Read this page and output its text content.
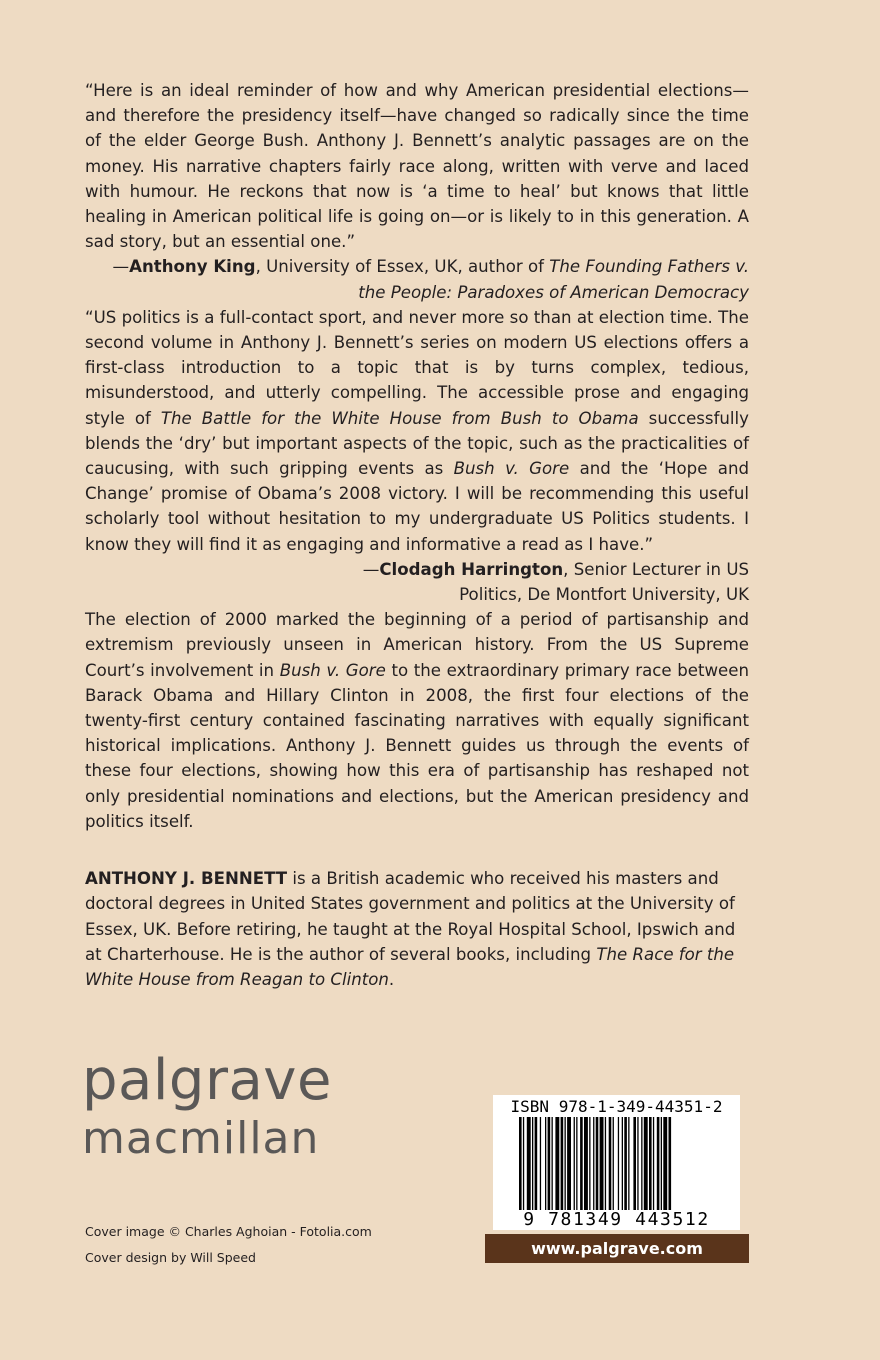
“Here is an ideal reminder of how and why American presidential elections—and therefore the presidency itself—have changed so radically since the time of the elder George Bush. Anthony J. Bennett’s analytic passages are on the money. His narrative chapters fairly race along, written with verve and laced with humour. He reckons that now is ‘a time to heal’ but knows that little healing in American political life is going on—or is likely to in this generation. A sad story, but an essential one.”

—Anthony King, University of Essex, UK, author of The Founding Fathers v. the People: Paradoxes of American Democracy

“US politics is a full-contact sport, and never more so than at election time. The second volume in Anthony J. Bennett’s series on modern US elections offers a first-class introduction to a topic that is by turns complex, tedious, misunderstood, and utterly compelling. The accessible prose and engaging style of The Battle for the White House from Bush to Obama successfully blends the ‘dry’ but important aspects of the topic, such as the practicalities of caucusing, with such gripping events as Bush v. Gore and the ‘Hope and Change’ promise of Obama’s 2008 victory. I will be recommending this useful scholarly tool without hesitation to my undergraduate US Politics students. I know they will find it as engaging and informative a read as I have.”

—Clodagh Harrington, Senior Lecturer in US
Politics, De Montfort University, UK

The election of 2000 marked the beginning of a period of partisanship and extremism previously unseen in American history. From the US Supreme Court’s involvement in Bush v. Gore to the extraordinary primary race between Barack Obama and Hillary Clinton in 2008, the first four elections of the twenty-first century contained fascinating narratives with equally significant historical implications. Anthony J. Bennett guides us through the events of these four elections, showing how this era of partisanship has reshaped not only presidential nominations and elections, but the American presidency and politics itself.

ANTHONY J. BENNETT is a British academic who received his masters and doctoral degrees in United States government and politics at the University of Essex, UK. Before retiring, he taught at the Royal Hospital School, Ipswich and at Charterhouse. He is the author of several books, including The Race for the White House from Reagan to Clinton.

palgrave
macmillan
Cover image © Charles Aghoian - Fotolia.com
Cover design by Will Speed
ISBN 978-1-349-44351-2
9 781349 443512
www.palgrave.com
